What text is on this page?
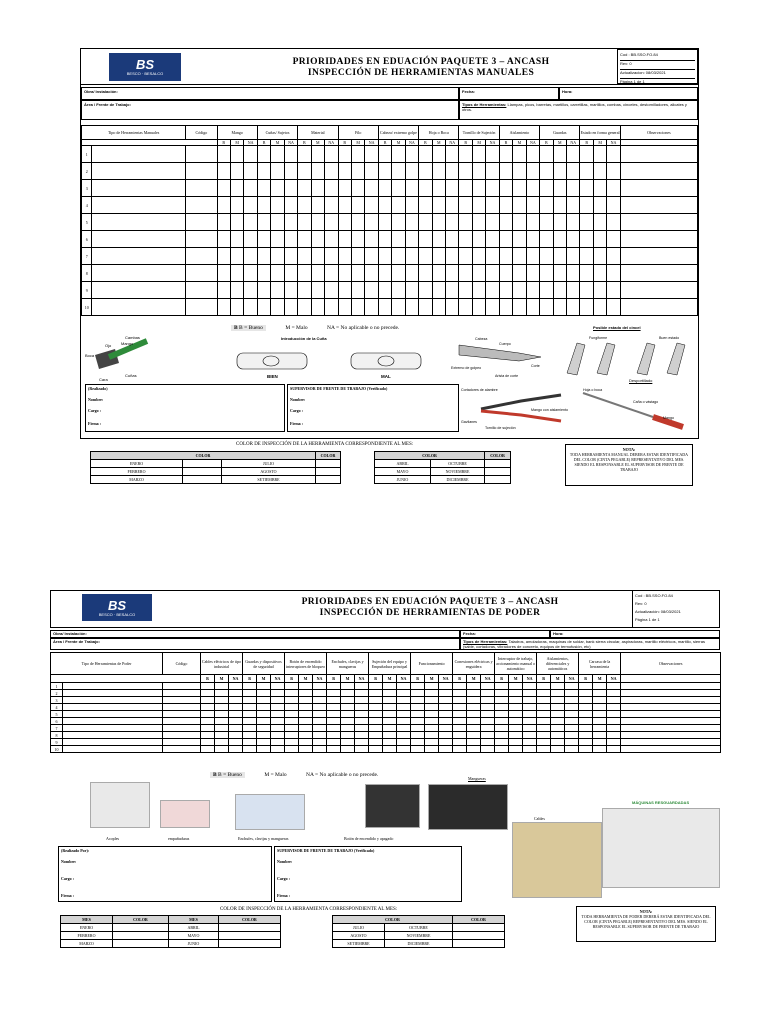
BS
BESCO · BESALCO
PRIORIDADES EN EDUACIÓN PAQUETE 3 – ANCASH
INSPECCIÓN DE HERRAMIENTAS MANUALES
Cod : BB.SSO.FO.84
Rev: 0
Actualizacion: 08/03/2021
Página 1 de 1
Obra/ Instalación:	Fecha:	Hora:
Área / Frente de Trabajo:	Tipos de Herramientas: Llampas, picos, barretas, martillos, carretillas, martillos, combas, cinceles, destornilladores, alicates y otros.
Tipo de Herramientas Manuales		Código	Mango			Cuñas/ Sujetos			Material			Filo			Cabeza/ extremo golpe			Hoja o Boca			Tornillo de Sujeción			Aislamiento			Guardas			Estado en forma general			Observaciones
			B	M	NA	B	M	NA	B	M	NA	B	M	NA	B	M	NA	B	M	NA	B	M	NA	B	M	NA	B	M	NA	B	M	NA	
1																																	
2																																	
3																																	
4																																	
5																																	
6																																	
7																																	
8																																	
9																																	
10																																	
B B = Bueno	M = Malo	NA = No aplicable o no precede.
Cambas
Mango
Ojo
Boca
Cuñas
Cara
Introducción de la Cuña
BIEN	MAL
Cabeza
Cuerpo
Extremo de golpeo
Arista de corte
Corte
Posible estado del cincel
Fungiforme	Buen estado
Desportillado
(Realizado)
Nombre:
Cargo :
Firma :
SUPERVISOR DE FRENTE DE TRABAJO (Verificado)
Nombre:
Cargo :
Firma :
Cortadores de alambre
Mango con aislamiento
Gavilanes
Tornillo de sujeción
Hoja o boca
Caña o vástago
Mango
COLOR DE INSPECCIÓN DE LA HERRAMIENTA CORRESPONDIENTE AL MES:
COLOR			COLOR		COLOR		COLOR
ENERO		JULIO			ABRIL	OCTUBRE	
FEBRERO		AGOSTO			MAYO	NOVIEMBRE	
MARZO		SETIEMBRE			JUNIO	DICIEMBRE	
NOTA:
TODA HERRAMIENTA MANUAL DEBERA ESTAR IDENTIFICADA DEL COLOR (CINTA PEGABLE) REPRESENTATIVO DEL MES. SIENDO EL RESPONSABLE EL SUPERVISOR DE FRENTE DE TRABAJO
BS
BESCO · BESALCO
PRIORIDADES EN EDUACIÓN PAQUETE 3 – ANCASH
INSPECCIÓN DE HERRAMIENTAS DE PODER
Cod : BB.SSO.FO.84
Rev: 0
Actualización: 08/03/2021
Página 1 de 1
Obra/ Instalación:	Fecha:	Hora:
Área / Frente de Trabajo:	Tipos de Herramientas: Taladros, amoladoras, maquinas de soldar, bank sierra circular, aspiradoras, martillo eléctricos, martillo, sierras (sable, cortadoras, vibradores de concreto, equipos de termofusión, etc)
Tipo de Herramientas de Poder		Código	Cables eléctricos de tipo industrial			Guardas y dispositivos de seguridad			Botón de encendido interruptores de bloqueo			Enchufes, clavijas y mangueras			Sujeción del equipo y Empuñadura principal			Funcionamiento			Conexiones eléctricas y enguidera			Interruptor de trabajo, accionamiento manual o automático			Aislamientos, diferenciales y automáticos			Carcasa de la herramienta			Observaciones
			B	M	NA	B	M	NA	B	M	NA	B	M	NA	B	M	NA	B	M	NA	B	M	NA	B	M	NA	B	M	NA	B	M	NA	
1																																	
2																																	
3																																	
4																																	
5																																	
6																																	
7																																	
8																																	
9																																	
10																																	
B B = Bueno	M = Malo	NA = No aplicable o no precede.
Acoples	empuñaduras	Enchufes, clavijas y mangueras	Botón de encendido y apagado
Mangueras
Cables
MÁQUINAS RESGUARDADAS
(Realizado Por):
Nombre:
Cargo :
Firma :
SUPERVISOR DE FRENTE DE TRABAJO (Verificado)
Nombre:
Cargo :
Firma :
COLOR DE INSPECCIÓN DE LA HERRAMIENTA CORRESPONDIENTE AL MES:
MES	COLOR	MES	COLOR		COLOR		COLOR
ENERO		ABRIL			JULIO	OCTUBRE	
FEBRERO		MAYO			AGOSTO	NOVIEMBRE	
MARZO		JUNIO			SETIEMBRE	DICIEMBRE	
NOTA:
TODA HERRAMIENTA DE PODER DEBERÁ ESTAR IDENTIFICADA DEL COLOR (CINTA PEGABLE) REPRESENTATIVO DEL MES. SIENDO EL RESPONSABLE EL SUPERVISOR DE FRENTE DE TRABAJO
